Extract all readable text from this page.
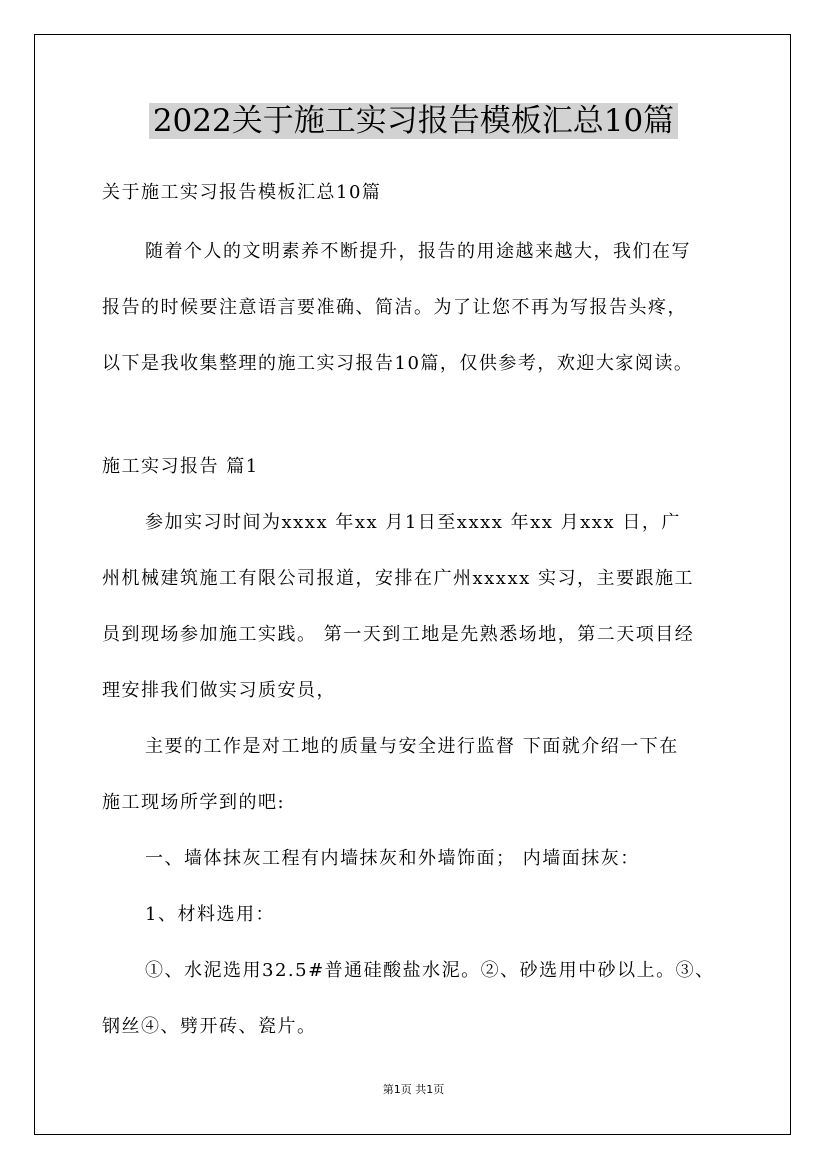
2022关于施工实习报告模板汇总10篇
关于施工实习报告模板汇总10篇
随着个人的文明素养不断提升，报告的用途越来越大，我们在写
报告的时候要注意语言要准确、简洁。为了让您不再为写报告头疼，
以下是我收集整理的施工实习报告10篇，仅供参考，欢迎大家阅读。
施工实习报告 篇1
参加实习时间为xxxx 年xx 月1日至xxxx 年xx 月xxx 日，广
州机械建筑施工有限公司报道，安排在广州xxxxx 实习，主要跟施工
员到现场参加施工实践。 第一天到工地是先熟悉场地，第二天项目经
理安排我们做实习质安员，
主要的工作是对工地的质量与安全进行监督 下面就介绍一下在
施工现场所学到的吧:
一、墙体抹灰工程有内墙抹灰和外墙饰面； 内墙面抹灰：
1、材料选用：
①、水泥选用32.5#普通硅酸盐水泥。②、砂选用中砂以上。③、
钢丝④、劈开砖、瓷片。
第1页 共1页
